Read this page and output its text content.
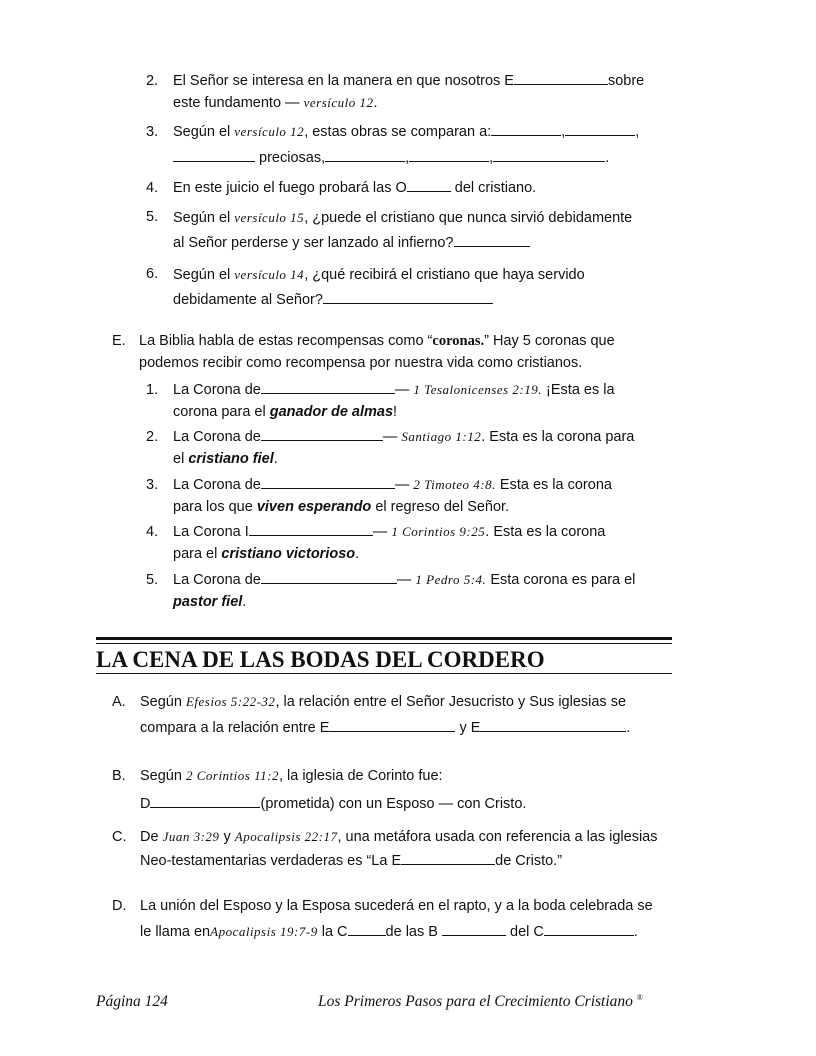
2. El Señor se interesa en la manera en que nosotros E	sobre
este fundamento — versículo 12.
3. Según el versículo 12, estas obras se comparan a:	,	,
preciosas,	,	,	.
4. En este juicio el fuego probará las O	del cristiano.
5. Según el versículo 15, ¿puede el cristiano que nunca sirvió debidamente
al Señor perderse y ser lanzado al infierno?
6. Según el versículo 14, ¿qué recibirá el cristiano que haya servido
debidamente al Señor?
E. La Biblia habla de estas recompensas como “coronas.” Hay 5 coronas que
podemos recibir como recompensa por nuestra vida como cristianos.
1. La Corona de	— 1 Tesalonicenses 2:19. ¡Esta es la
corona para el ganador de almas!
2. La Corona de	— Santiago 1:12. Esta es la corona para
el cristiano fiel.
3. La Corona de	— 2 Timoteo 4:8. Esta es la corona
para los que viven esperando el regreso del Señor.
4. La Corona I	— 1 Corintios 9:25. Esta es la corona
para el cristiano victorioso.
5. La Corona de	— 1 Pedro 5:4. Esta corona es para el
pastor fiel.
LA CENA DE LAS BODAS DEL CORDERO
A. Según Efesios 5:22-32, la relación entre el Señor Jesucristo y Sus iglesias se
compara a la relación entre E	y E	.
B. Según 2 Corintios 11:2, la iglesia de Corinto fue:
D	(prometida) con un Esposo — con Cristo.
C. De Juan 3:29 y Apocalipsis 22:17, una metáfora usada con referencia a las iglesias
Neo-testamentarias verdaderas es “La E	de Cristo.”
D. La unión del Esposo y la Esposa sucederá en el rapto, y a la boda celebrada se
le llama enApocalipsis 19:7-9 la C	de las B	del C	.
Página 124	Los Primeros Pasos para el Crecimiento Cristiano ®
